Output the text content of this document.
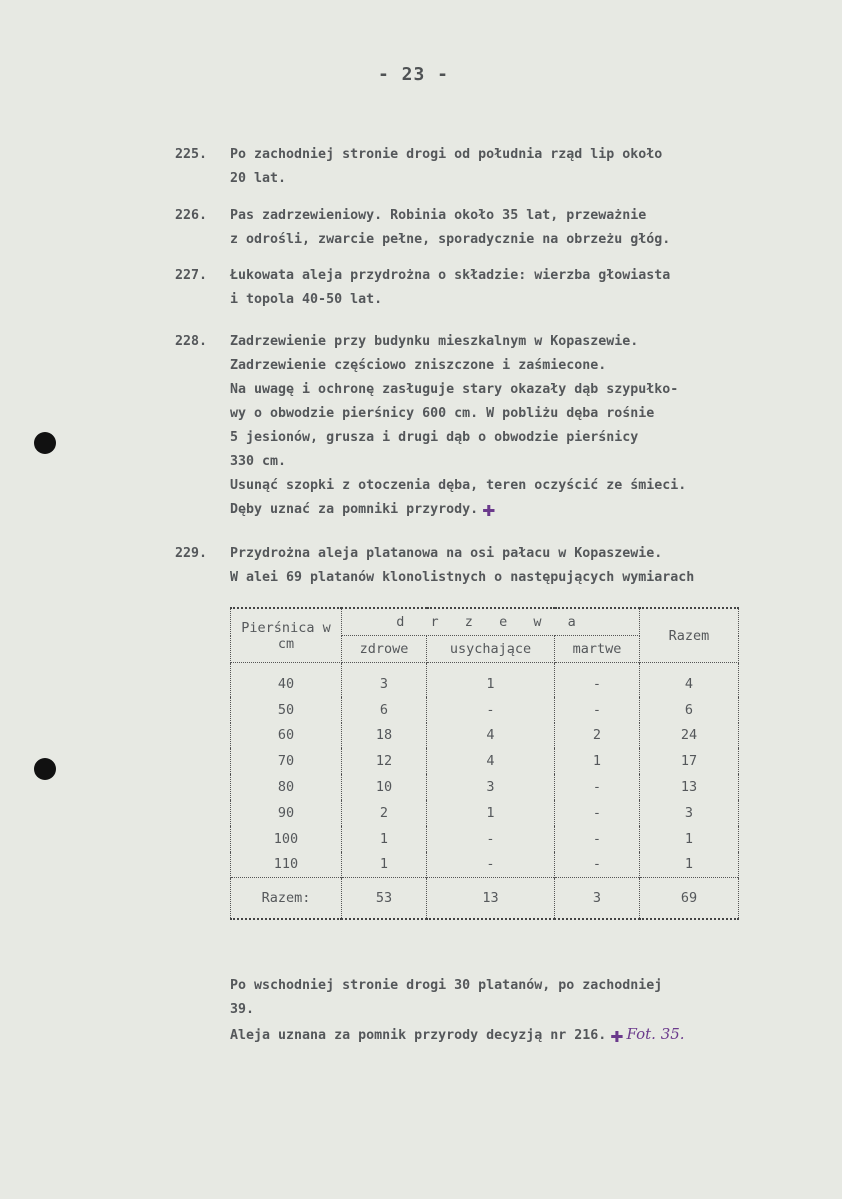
- 23 -
225. Po zachodniej stronie drogi od południa rząd lip około
20 lat.
226. Pas zadrzewieniowy. Robinia około 35 lat, przeważnie
z odrośli, zwarcie pełne, sporadycznie na obrzeżu głóg.
227. Łukowata aleja przydrożna o składzie: wierzba głowiasta
i topola 40-50 lat.
228. Zadrzewienie przy budynku mieszkalnym w Kopaszewie.
Zadrzewienie częściowo zniszczone i zaśmiecone.
Na uwagę i ochronę zasługuje stary okazały dąb szypułko-
wy o obwodzie pierśnicy 600 cm. W pobliżu dęba rośnie
5 jesionów, grusza i drugi dąb o obwodzie pierśnicy
330 cm.
Usunąć szopki z otoczenia dęba, teren oczyścić ze śmieci.
Dęby uznać za pomniki przyrody. ✚
229. Przydrożna aleja platanowa na osi pałacu w Kopaszewie.
W alei 69 platanów klonolistnych o następujących wymiarach
Pierśnica w cm	d r z e w a			Razem
	zdrowe	usychające	martwe	
40	3	1	-	4
50	6	-	-	6
60	18	4	2	24
70	12	4	1	17
80	10	3	-	13
90	2	1	-	3
100	1	-	-	1
110	1	-	-	1
Razem:	53	13	3	69
Po wschodniej stronie drogi 30 platanów, po zachodniej
39.
Aleja uznana za pomnik przyrody decyzją nr 216. ✚ Fot. 35.
